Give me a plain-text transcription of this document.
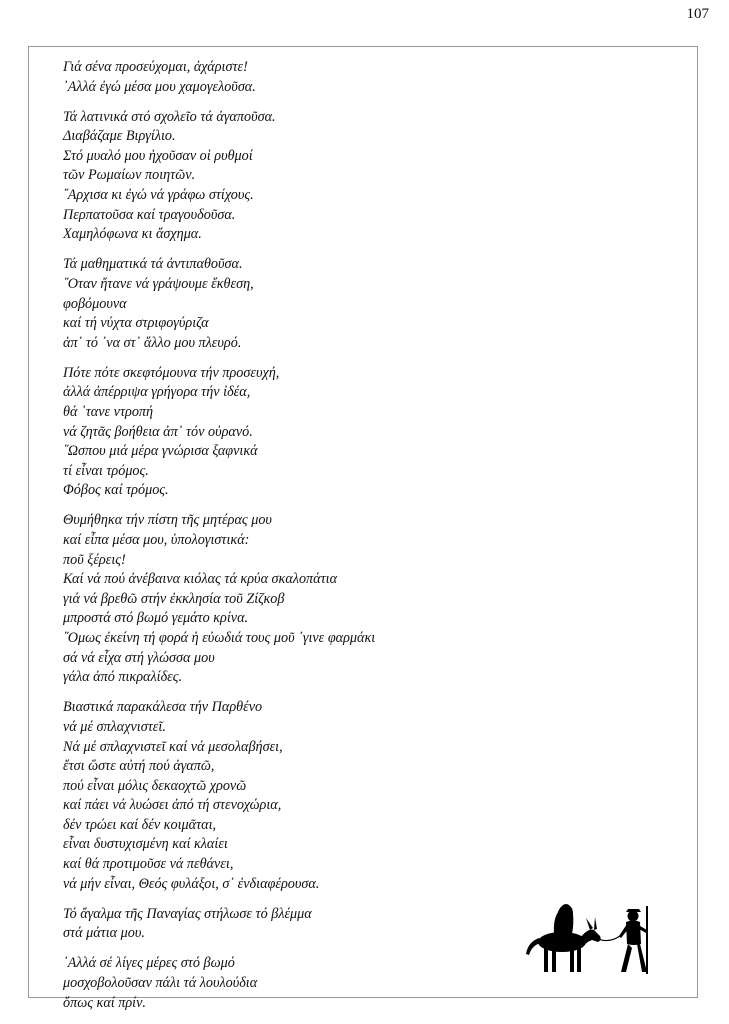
107
Γιά σένα προσεύχομαι, ἀχάριστε!
᾿Αλλά ἐγώ μέσα μου χαμογελοῦσα.
Τά λατινικά στό σχολεῖο τά ἀγαποῦσα.
Διαβάζαμε Βιργίλιο.
Στό μυαλό μου ἠχοῦσαν οἱ ρυθμοί
τῶν Ρωμαίων ποιητῶν.
῎Αρχισα κι ἐγώ νά γράφω στίχους.
Περπατοῦσα καί τραγουδοῦσα.
Χαμηλόφωνα κι ἄσχημα.
Τά μαθηματικά τά ἀντιπαθοῦσα.
῞Οταν ἤτανε νά γράψουμε ἔκθεση,
φοβόμουνα
καί τή νύχτα στριφογύριζα
ἀπ᾿ τό ᾿να στ᾿ ἄλλο μου πλευρό.
Πότε πότε σκεφτόμουνα τήν προσευχή,
ἀλλά ἀπέρριψα γρήγορα τήν ἰδέα,
θά ᾿τανε ντροπή
νά ζητᾶς βοήθεια ἀπ᾿ τόν οὐρανό.
῞Ωσπου μιά μέρα γνώρισα ξαφνικά
τί εἶναι τρόμος.
Φόβος καί τρόμος.
Θυμήθηκα τήν πίστη τῆς μητέρας μου
καί εἶπα μέσα μου, ὑπολογιστικά:
ποῦ ξέρεις!
Καί νά πού ἀνέβαινα κιόλας τά κρύα σκαλοπάτια
γιά νά βρεθῶ στήν ἐκκλησία τοῦ Ζίζκοβ
μπροστά στό βωμό γεμάτο κρίνα.
῞Ομως ἐκείνη τή φορά ἡ εὐωδιά τους μοῦ ᾿γινε φαρμάκι
σά νά εἶχα στή γλώσσα μου
γάλα ἀπό πικραλίδες.
Βιαστικά παρακάλεσα τήν Παρθένο
νά μέ σπλαχνιστεῖ.
Νά μέ σπλαχνιστεῖ καί νά μεσολαβήσει,
ἔτσι ὥστε αὐτή πού ἀγαπῶ,
πού εἶναι μόλις δεκαοχτῶ χρονῶ
καί πάει νά λυώσει ἀπό τή στενοχώρια,
δέν τρώει καί δέν κοιμᾶται,
εἶναι δυστυχισμένη καί κλαίει
καί θά προτιμοῦσε νά πεθάνει,
νά μήν εἶναι, Θεός φυλάξοι, σ᾿ ἐνδιαφέρουσα.
Τό ἄγαλμα τῆς Παναγίας στήλωσε τό βλέμμα
στά μάτια μου.
᾿Αλλά σέ λίγες μέρες στό βωμό
μοσχοβολοῦσαν πάλι τά λουλούδια
ὅπως καί πρίν.
